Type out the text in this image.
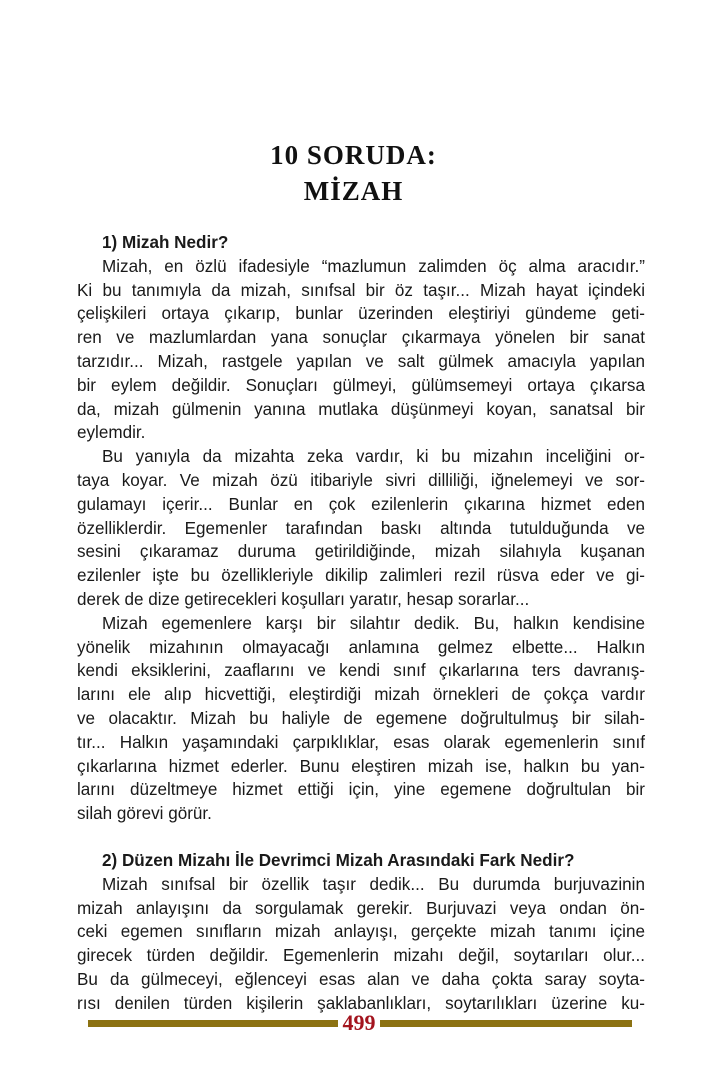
10 SORUDA:
MİZAH
1) Mizah Nedir?
Mizah, en özlü ifadesiyle “mazlumun zalimden öç alma aracıdır.”
Ki bu tanımıyla da mizah, sınıfsal bir öz taşır... Mizah hayat içindeki
çelişkileri ortaya çıkarıp, bunlar üzerinden eleştiriyi gündeme geti-
ren ve mazlumlardan yana sonuçlar çıkarmaya yönelen bir sanat
tarzıdır... Mizah, rastgele yapılan ve salt gülmek amacıyla yapılan
bir eylem değildir. Sonuçları gülmeyi, gülümsemeyi ortaya çıkarsa
da, mizah gülmenin yanına mutlaka düşünmeyi koyan, sanatsal bir
eylemdir.
Bu yanıyla da mizahta zeka vardır, ki bu mizahın inceliğini or-
taya koyar. Ve mizah özü itibariyle sivri dilliliği, iğnelemeyi ve sor-
gulamayı içerir... Bunlar en çok ezilenlerin çıkarına hizmet eden
özelliklerdir. Egemenler tarafından baskı altında tutulduğunda ve
sesini çıkaramaz duruma getirildiğinde, mizah silahıyla kuşanan
ezilenler işte bu özellikleriyle dikilip zalimleri rezil rüsva eder ve gi-
derek de dize getirecekleri koşulları yaratır, hesap sorarlar...
Mizah egemenlere karşı bir silahtır dedik. Bu, halkın kendisine
yönelik mizahının olmayacağı anlamına gelmez elbette... Halkın
kendi eksiklerini, zaaflarını ve kendi sınıf çıkarlarına ters davranış-
larını ele alıp hicvettiği, eleştirdiği mizah örnekleri de çokça vardır
ve olacaktır. Mizah bu haliyle de egemene doğrultulmuş bir silah-
tır... Halkın yaşamındaki çarpıklıklar, esas olarak egemenlerin sınıf
çıkarlarına hizmet ederler. Bunu eleştiren mizah ise, halkın bu yan-
larını düzeltmeye hizmet ettiği için, yine egemene doğrultulan bir
silah görevi görür.
2) Düzen Mizahı İle Devrimci Mizah Arasındaki Fark Nedir?
Mizah sınıfsal bir özellik taşır dedik... Bu durumda burjuvazinin
mizah anlayışını da sorgulamak gerekir. Burjuvazi veya ondan ön-
ceki egemen sınıfların mizah anlayışı, gerçekte mizah tanımı içine
girecek türden değildir. Egemenlerin mizahı değil, soytarıları olur...
Bu da gülmeceyi, eğlenceyi esas alan ve daha çokta saray soyta-
rısı denilen türden kişilerin şaklabanlıkları, soytarılıkları üzerine ku-
499
